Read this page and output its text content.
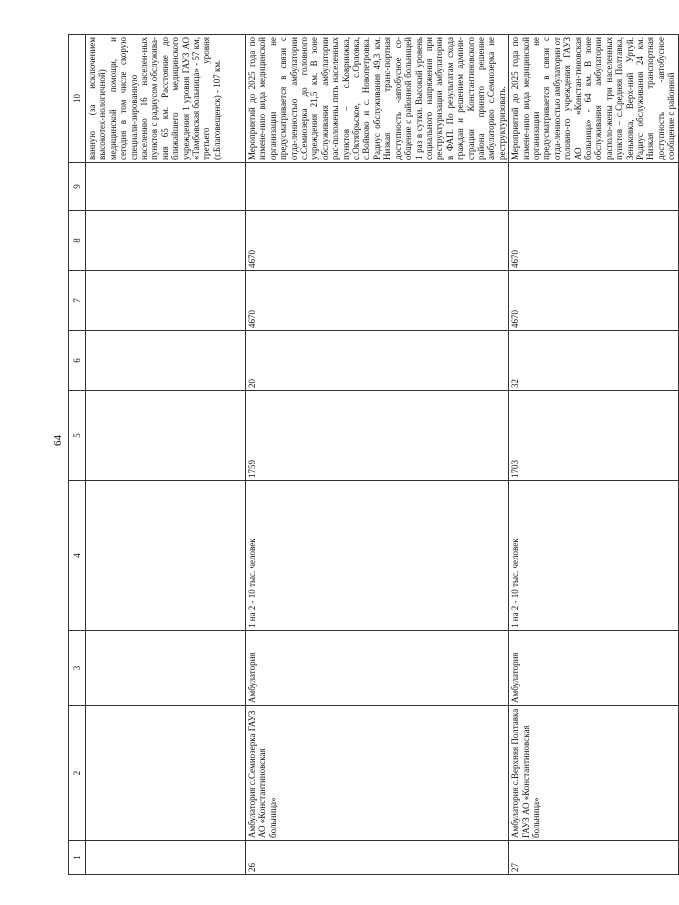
64
1	2	3	4	5	6	7	8	9	10
									ванную (за исключением высокотех-нологичной) медицинской помощи, и сегодня в том числе скорую специали-зированную населению 16 населен-ных пунктов с радиусом обслужива-ния 65 км. Расстояние до ближайшего медицинского учреждения 1 уровня ГАУЗ АО «Тамбовская больница» - 57 км, третьего уровня (г.Благовещенск) - 107 км.
26	Амбулатория с.Семиозерка ГАУЗ АО «Константиновская больница»	Амбулатория	1 на 2 - 10 тыс. человек	1759	20	4670	4670		Мероприятий до 2025 года по измене-нию вида медицинской организации не предусматривается в связи с отда-ленностью амбулатории с.Семиозерка до головного учреждения 21,5 км. В зоне обслуживания амбулатории рас-положены пять населенных пунктов – с.Ковриижка, с.Октябрьское, с.Орловка, с.Войково и с. Новопетровка. Радиус обслуживания 49,3 км. Низкая транс-портная доступность -автобусное со-общение с районной больницей 1 раз в сутки. Высокий уровень социального напряжения при реструктуризации амбулатории в ФАП. По результатам схода граждан и решением админи-страции Константиновского района принято решение амбулаторию с.Семиозерка не реструктуризовать.
27	Амбулатория с.Верхняя Полтавка ГАУЗ АО «Константиновская больница»	Амбулатория	1 на 2 - 10 тыс. человек	1703	32	4670	4670		Мероприятий до 2025 года по измене-нию вида медицинской организации не предусматривается в связи с отда-ленностью амбулатории от головно-го учреждения ГАУЗ АО «Констан-тиновская больница» - 64 км. В зоне обслуживания амбулатории располо-жены три населенных пунктов – с.Средняя Полтавка, Зеньковка, Верх-ний Уртуй. Радиус обслуживания 24 км. Низкая транспортная доступность -автобусное сообщение с районной
